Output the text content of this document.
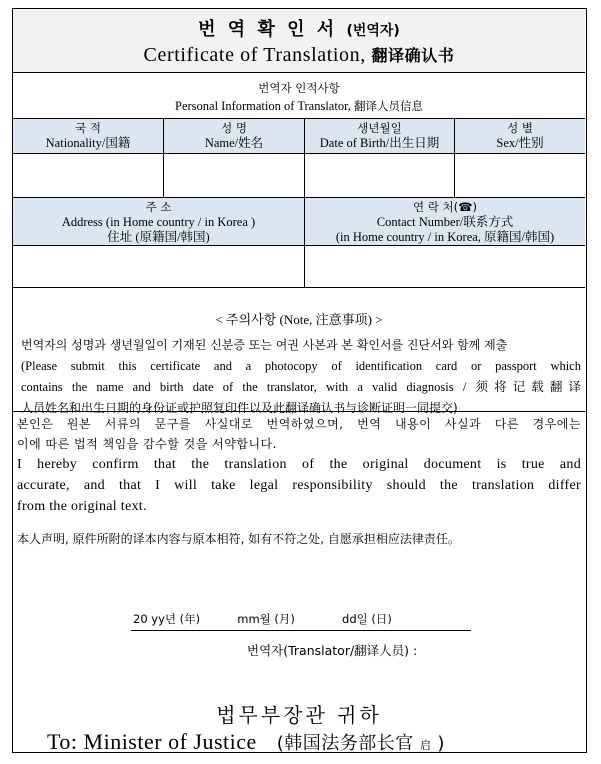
번 역 확 인 서 (번역자)
Certificate of Translation, 翻译确认书
번역자 인적사항
Personal Information of Translator, 翻译人员信息
국 적
Nationality/国籍
성 명
Name/姓名
생년월일
Date of Birth/出生日期
성 별
Sex/性别
주 소
Address (in Home country / in Korea )
住址 (原籍国/韩国)
연 락 처(☎)
Contact Number/联系方式
(in Home country / in Korea, 原籍国/韩国)
< 주의사항 (Note, 注意事项) >
번역자의 성명과 생년월일이 기재된 신분증 또는 여권 사본과 본 확인서를 진단서와 함께 제출
(Please submit this certificate and a photocopy of identification card or passport which
contains the name and birth date of the translator, with a valid diagnosis / 须将记载翻译
人员姓名和出生日期的身份证或护照复印件以及此翻译确认书与诊断证明一同提交)

본인은 원본 서류의 문구를 사실대로 번역하였으며, 번역 내용이 사실과 다른 경우에는

이에 따른 법적 책임을 감수할 것을 서약합니다.

I hereby confirm that the translation of the original document is true and

accurate, and that I will take legal responsibility should the translation differ

from the original text.

本人声明, 原件所附的译本内容与原本相符, 如有不符之处, 自愿承担相应法律责任。

20 yy년 (年)	mm월 (月)	dd일 (日)
번역자(Translator/翻译人员) :
법무부장관 귀하
To: Minister of Justice (韩国法务部长官 启 )
